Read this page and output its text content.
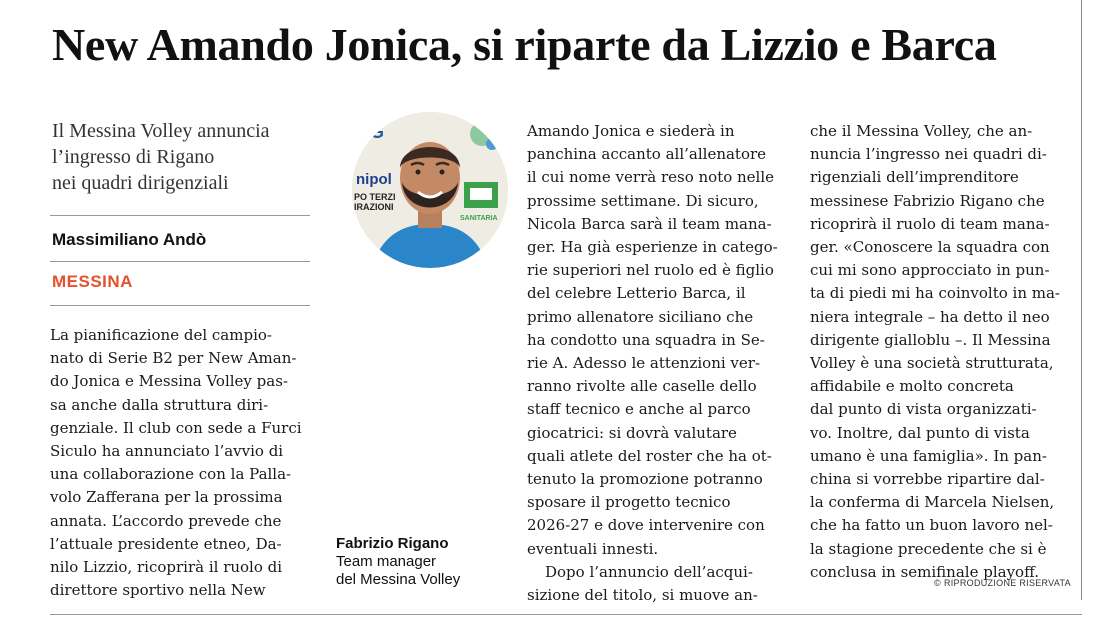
New Amando Jonica, si riparte da Lizzio e Barca
Il Messina Volley annuncia
l’ingresso di Rigano
nei quadri dirigenziali
Massimiliano Andò
MESSINA
La pianificazione del campio-
nato di Serie B2 per New Aman-
do Jonica e Messina Volley pas-
sa anche dalla struttura diri-
genziale. Il club con sede a Furci
Siculo ha annunciato l’avvio di
una collaborazione con la Palla-
volo Zafferana per la prossima
annata. L’accordo prevede che
l’attuale presidente etneo, Da-
nilo Lizzio, ricoprirà il ruolo di
direttore sportivo nella New
SG
nipol
PO TERZI
IRAZIONI
SANITARIA
Fabrizio Rigano
Team manager
del Messina Volley
Amando Jonica e siederà in
panchina accanto all’allenatore
il cui nome verrà reso noto nelle
prossime settimane. Di sicuro,
Nicola Barca sarà il team mana-
ger. Ha già esperienze in catego-
rie superiori nel ruolo ed è figlio
del celebre Letterio Barca, il
primo allenatore siciliano che
ha condotto una squadra in Se-
rie A. Adesso le attenzioni ver-
ranno rivolte alle caselle dello
staff tecnico e anche al parco
giocatrici: si dovrà valutare
quali atlete del roster che ha ot-
tenuto la promozione potranno
sposare il progetto tecnico
2026-27 e dove intervenire con
eventuali innesti.
Dopo l’annuncio dell’acqui-
sizione del titolo, si muove an-
che il Messina Volley, che an-
nuncia l’ingresso nei quadri di-
rigenziali dell’imprenditore
messinese Fabrizio Rigano che
ricoprirà il ruolo di team mana-
ger. «Conoscere la squadra con
cui mi sono approcciato in pun-
ta di piedi mi ha coinvolto in ma-
niera integrale – ha detto il neo
dirigente gialloblu –. Il Messina
Volley è una società strutturata,
affidabile e molto concreta
dal punto di vista organizzati-
vo. Inoltre, dal punto di vista
umano è una famiglia». In pan-
china si vorrebbe ripartire dal-
la conferma di Marcela Nielsen,
che ha fatto un buon lavoro nel-
la stagione precedente che si è
conclusa in semifinale playoff.
© RIPRODUZIONE RISERVATA
